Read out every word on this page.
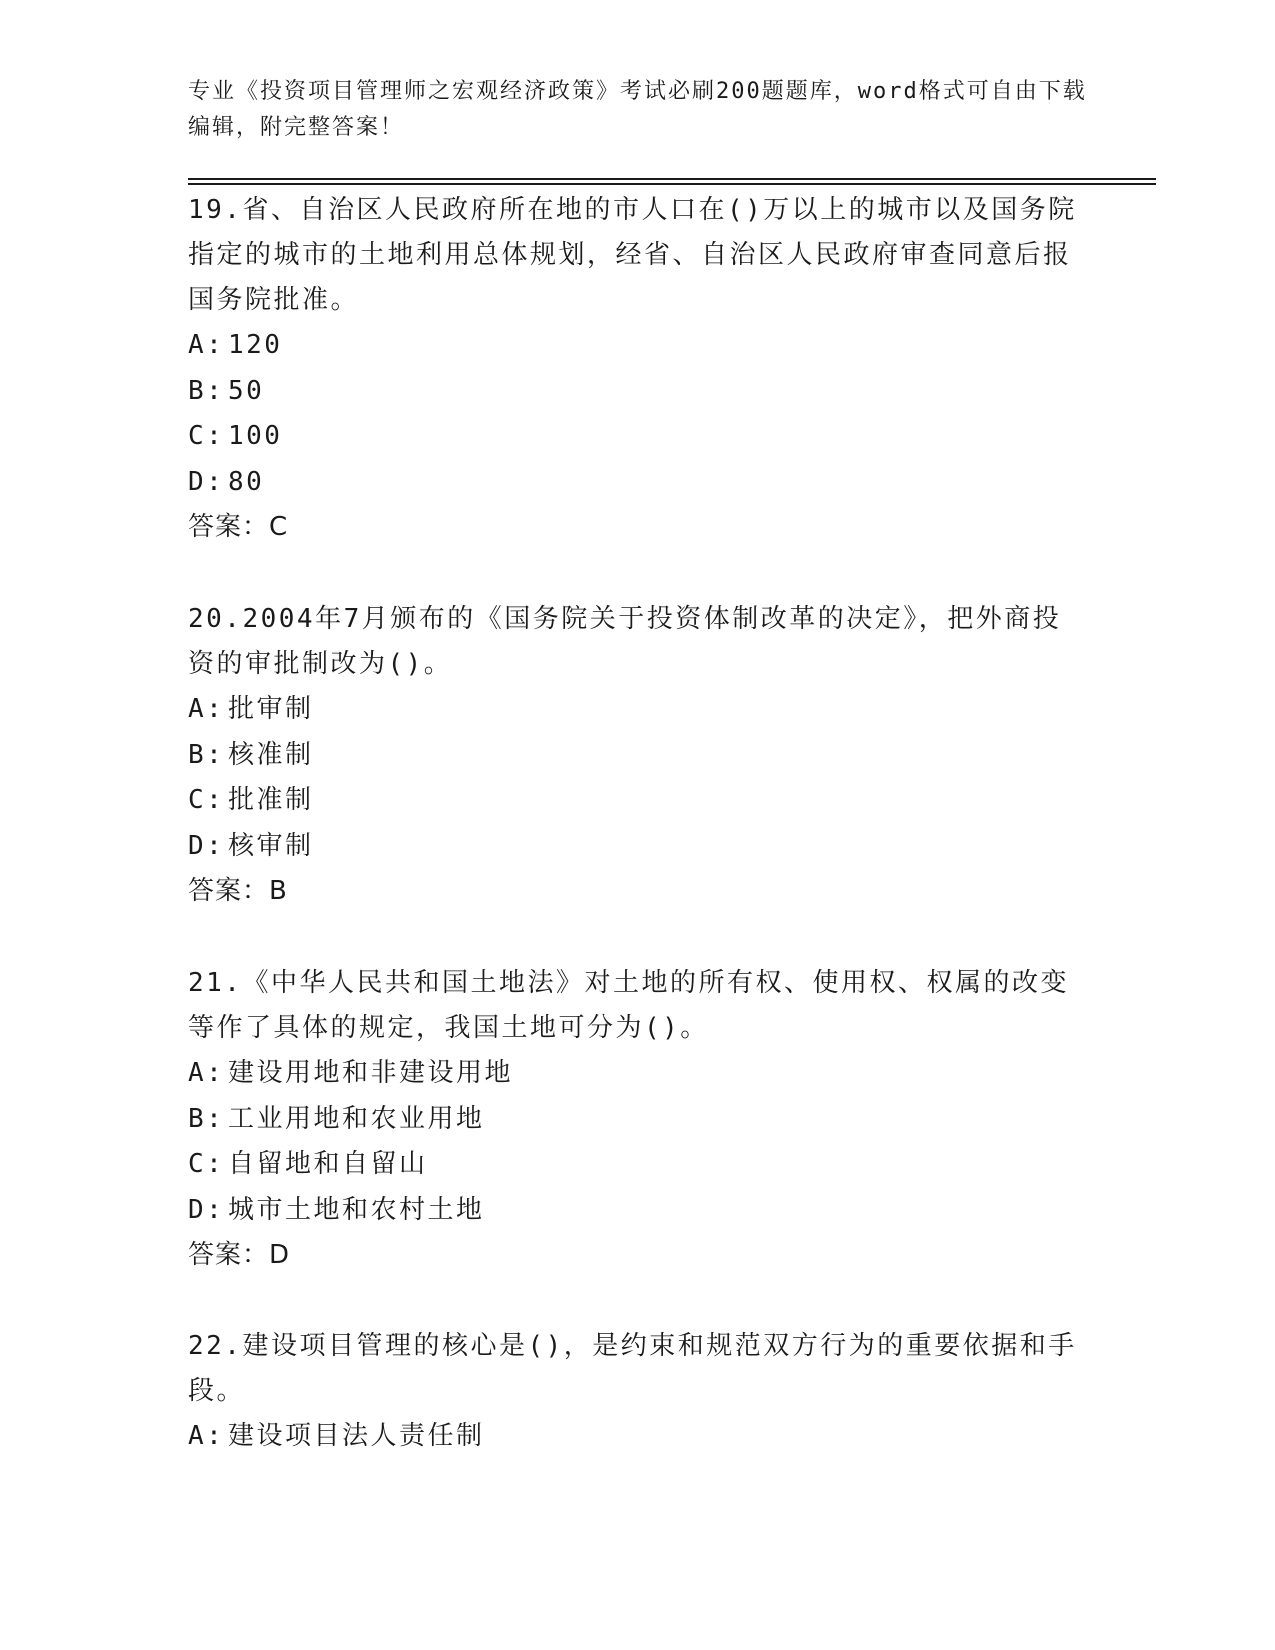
专业《投资项目管理师之宏观经济政策》考试必刷200题题库，word格式可自由下载编辑，附完整答案！

19.省、自治区人民政府所在地的市人口在()万以上的城市以及国务院指定的城市的土地利用总体规划，经省、自治区人民政府审查同意后报国务院批准。

A: 120
B: 50
C: 100
D: 80
答案：C

20.2004年7月颁布的《国务院关于投资体制改革的决定》，把外商投资的审批制改为()。

A: 批审制
B: 核准制
C: 批准制
D: 核审制
答案：B

21.《中华人民共和国土地法》对土地的所有权、使用权、权属的改变等作了具体的规定，我国土地可分为()。

A: 建设用地和非建设用地
B: 工业用地和农业用地
C: 自留地和自留山
D: 城市土地和农村土地
答案：D

22.建设项目管理的核心是()，是约束和规范双方行为的重要依据和手段。

A: 建设项目法人责任制
